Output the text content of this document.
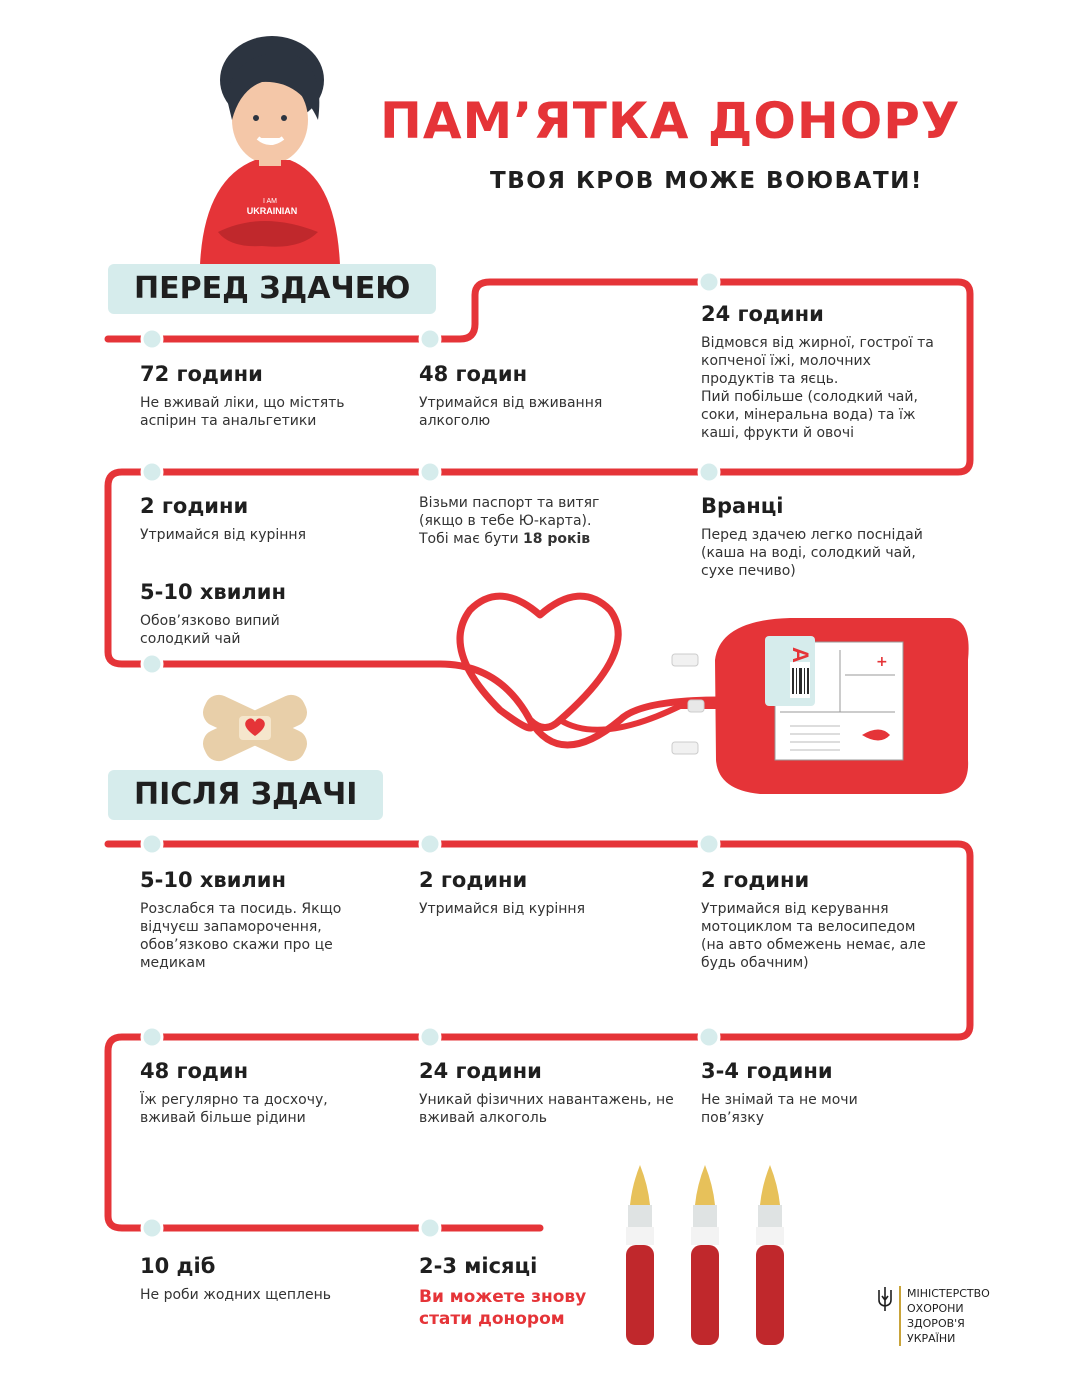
I AM
UKRAINIAN
+
A
ПАМ’ЯТКА ДОНОРУ
ТВОЯ КРОВ МОЖЕ ВОЮВАТИ!
ПЕРЕД ЗДАЧЕЮ
72 години

Не вживай ліки, що містять аспірин та анальгетики

48 годин

Утримайся від вживання алкоголю

24 години

Відмовся від жирної, гострої та копченої їжі, молочних продуктів та яєць.

Пий побільше (солодкий чай, соки, мінеральна вода) та їж каші, фрукти й овочі

2 години

Утримайся від куріння

Візьми паспорт та витяг (якщо в тебе Ю-карта).

Тобі має бути 18 років

Вранці

Перед здачею легко поснідай (каша на воді, солодкий чай, сухе печиво)

5-10 хвилин

Обов’язково випий солодкий чай

ПІСЛЯ ЗДАЧІ
5-10 хвилин

Розслабся та посидь. Якщо відчуєш запаморочення, обов’язково скажи про це медикам

2 години

Утримайся від куріння

2 години

Утримайся від керування мотоциклом та велосипедом (на авто обмежень немає, але будь обачним)

48 годин

Їж регулярно та досхочу, вживай більше рідини

24 години

Уникай фізичних навантажень, не вживай алкоголь

3-4 години

Не знімай та не мочи пов’язку

10 діб

Не роби жодних щеплень

2-3 місяці

Ви можете знову стати донором

МІНІСТЕРСТВО
ОХОРОНИ
ЗДОРОВ'Я
УКРАЇНИ
